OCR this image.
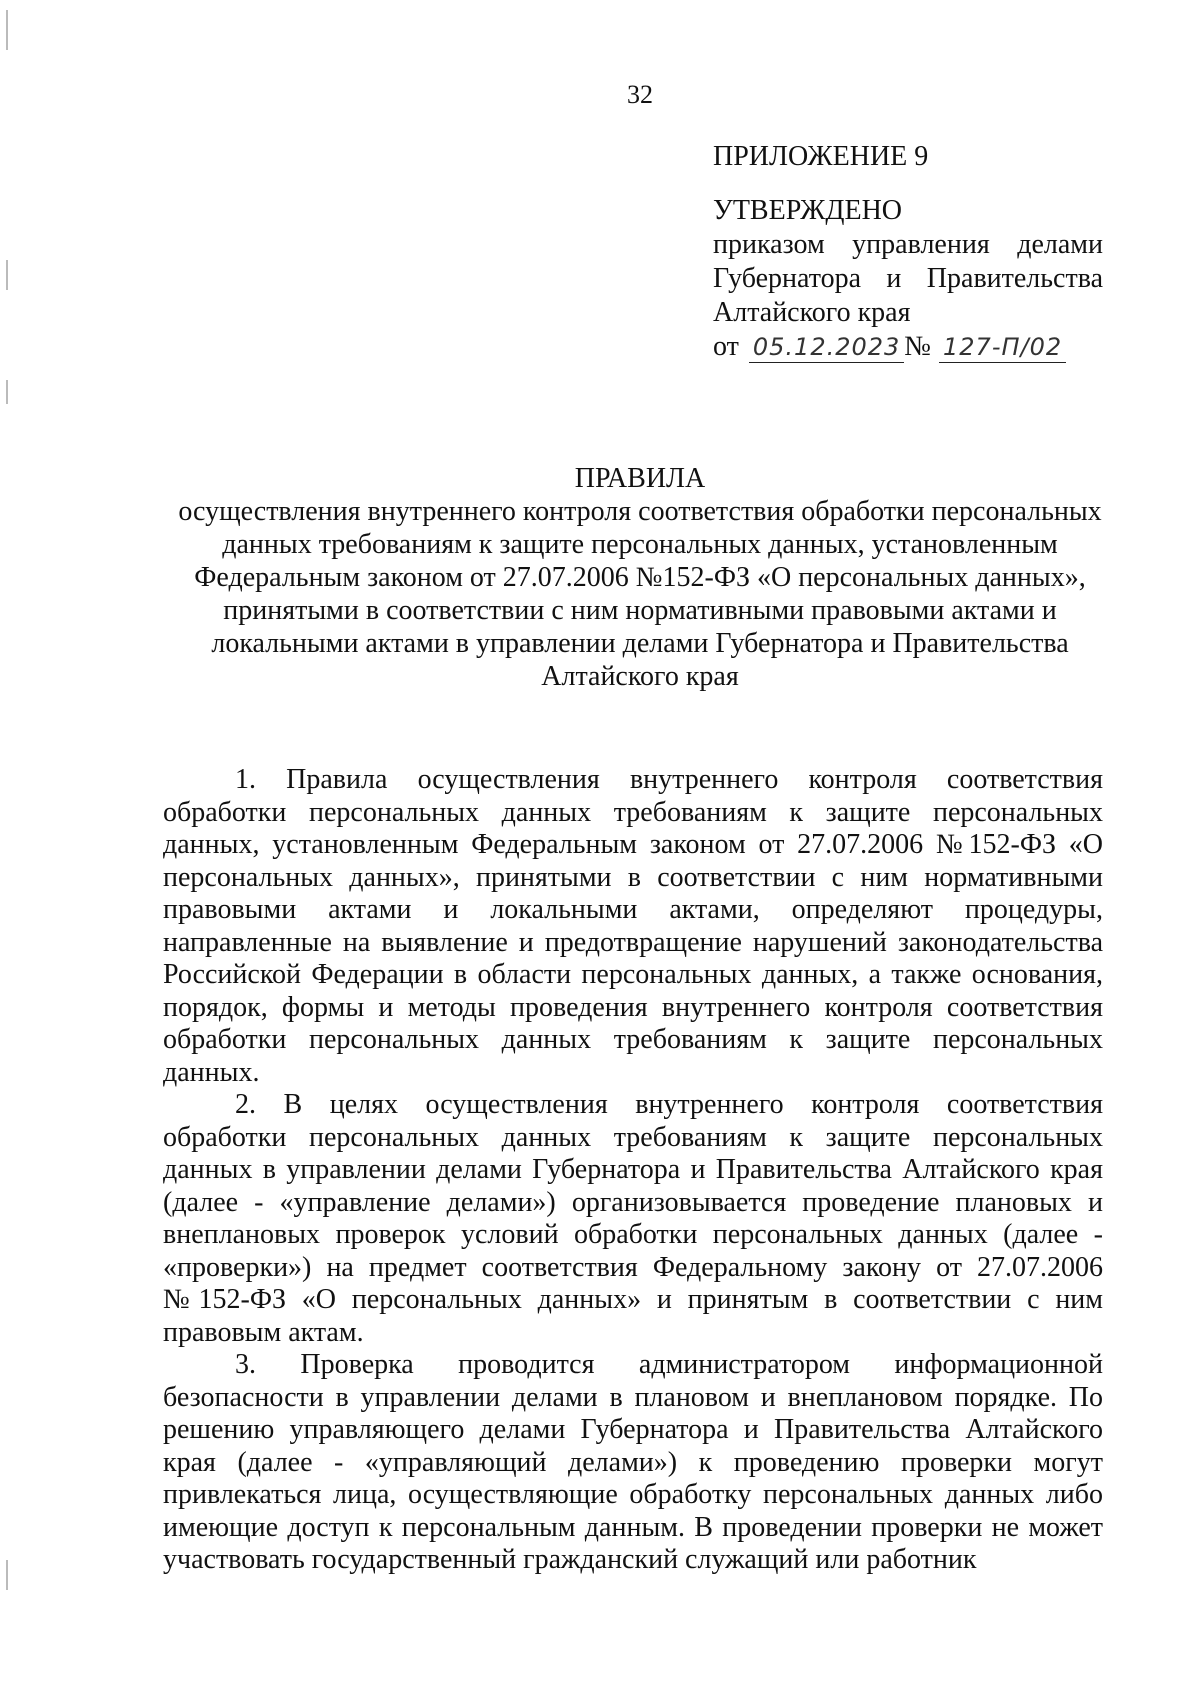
32
ПРИЛОЖЕНИЕ 9
УТВЕРЖДЕНО
приказом управления делами
Губернатора и Правительства
Алтайского края
от 05.12.2023 № 127-П/02
ПРАВИЛА
осуществления внутреннего контроля соответствия обработки персональных
данных требованиям к защите персональных данных, установленным
Федеральным законом от 27.07.2006 №152-ФЗ «О персональных данных»,
принятыми в соответствии с ним нормативными правовыми актами и
локальными актами в управлении делами Губернатора и Правительства
Алтайского края

1. Правила осуществления внутреннего контроля соответствия обработки персональных данных требованиям к защите персональных данных, установленным Федеральным законом от 27.07.2006 №152-ФЗ «О персональных данных», принятыми в соответствии с ним нормативными правовыми актами и локальными актами, определяют процедуры, направленные на выявление и предотвращение нарушений законодательства Российской Федерации в области персональных данных, а также основания, порядок, формы и методы проведения внутреннего контроля соответствия обработки персональных данных требованиям к защите персональных данных.

2. В целях осуществления внутреннего контроля соответствия обработки персональных данных требованиям к защите персональных данных в управлении делами Губернатора и Правительства Алтайского края (далее - «управление делами») организовывается проведение плановых и внеплановых проверок условий обработки персональных данных (далее - «проверки») на предмет соответствия Федеральному закону от 27.07.2006 №152-ФЗ «О персональных данных» и принятым в соответствии с ним правовым актам.

3. Проверка проводится администратором информационной безопасности в управлении делами в плановом и внеплановом порядке. По решению управляющего делами Губернатора и Правительства Алтайского края (далее - «управляющий делами») к проведению проверки могут привлекаться лица, осуществляющие обработку персональных данных либо имеющие доступ к персональным данным. В проведении проверки не может участвовать государственный гражданский служащий или работник
